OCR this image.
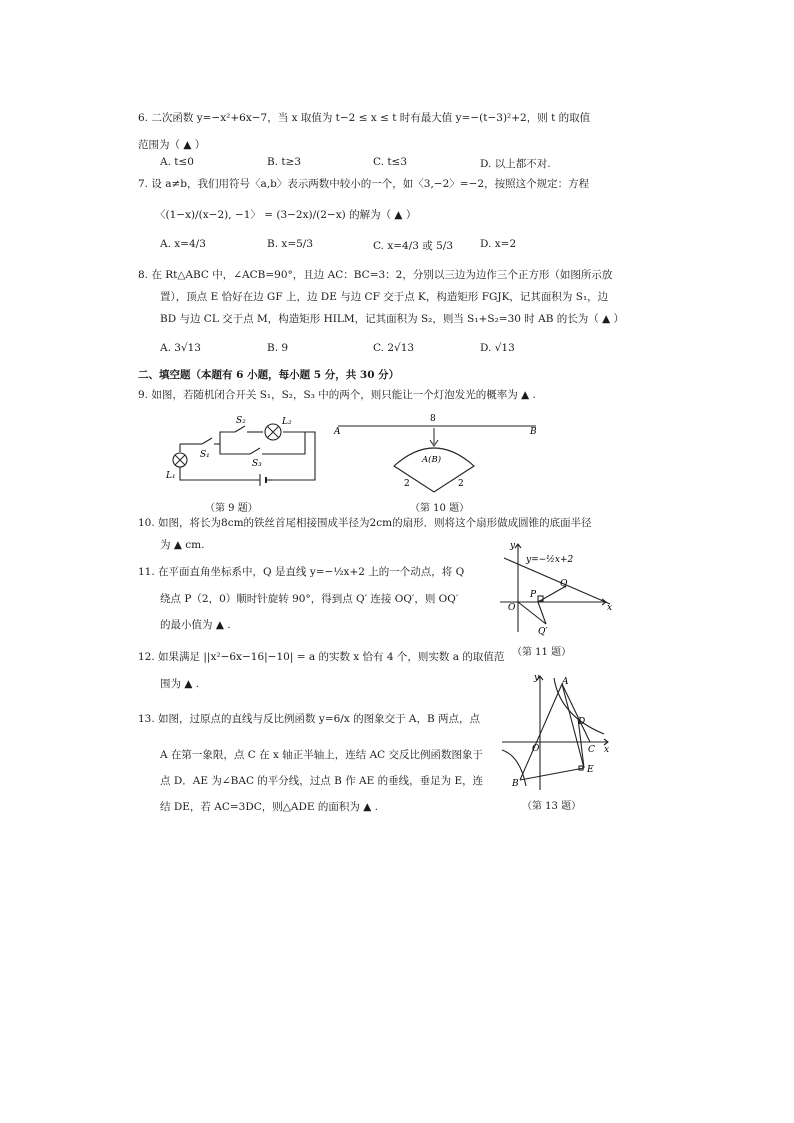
6. 二次函数 y=−x²+6x−7，当 x 取值为 t−2 ≤ x ≤ t 时有最大值 y=−(t−3)²+2，则 t 的取值
范围为（ ▲ ）
A. t≤0	B. t≥3	C. t≤3	D. 以上都不对.
7. 设 a≠b，我们用符号〈a,b〉表示两数中较小的一个，如〈3,−2〉=−2，按照这个规定：方程
〈(1−x)/(x−2), −1〉 = (3−2x)/(2−x) 的解为（ ▲ ）
A. x=4/3	B. x=5/3	C. x=4/3 或 5/3	D. x=2
8. 在 Rt△ABC 中，∠ACB=90°，且边 AC：BC=3：2，分别以三边为边作三个正方形（如图所示放
置），顶点 E 恰好在边 GF 上，边 DE 与边 CF 交于点 K，构造矩形 FGJK，记其面积为 S₁，边
BD 与边 CL 交于点 M，构造矩形 HILM，记其面积为 S₂，则当 S₁+S₂=30 时 AB 的长为（ ▲ ）
A. 3√13	B. 9	C. 2√13	D. √13
二、填空题（本题有 6 小题，每小题 5 分，共 30 分）
9. 如图，若随机闭合开关 S₁，S₂，S₃ 中的两个，则只能让一个灯泡发光的概率为 ▲ .
S₁
S₂
S₃
L₁
L₂
（第 9 题）
A	B
8
A(B)
2	2
（第 10 题）
10. 如图，将长为8cm的铁丝首尾相接围成半径为2cm的扇形．则将这个扇形做成圆锥的底面半径
为 ▲ cm.
11. 在平面直角坐标系中，Q 是直线 y=−½x+2 上的一个动点，将 Q
绕点 P（2，0）顺时针旋转 90°，得到点 Q′ 连接 OQ′，则 OQ′
的最小值为 ▲ .
y
x
O
P
Q
Q′
y=−½x+2
（第 11 题）
12. 如果满足 ||x²−6x−16|−10| = a 的实数 x 恰有 4 个，则实数 a 的取值范
围为 ▲ .
13. 如图，过原点的直线与反比例函数 y=6/x 的图象交于 A，B 两点，点
A 在第一象限，点 C 在 x 轴正半轴上，连结 AC 交反比例函数图象于
点 D．AE 为∠BAC 的平分线，过点 B 作 AE 的垂线，垂足为 E，连
结 DE，若 AC=3DC，则△ADE 的面积为 ▲ .
y
x
O
A
B
C
D
E
（第 13 题）
